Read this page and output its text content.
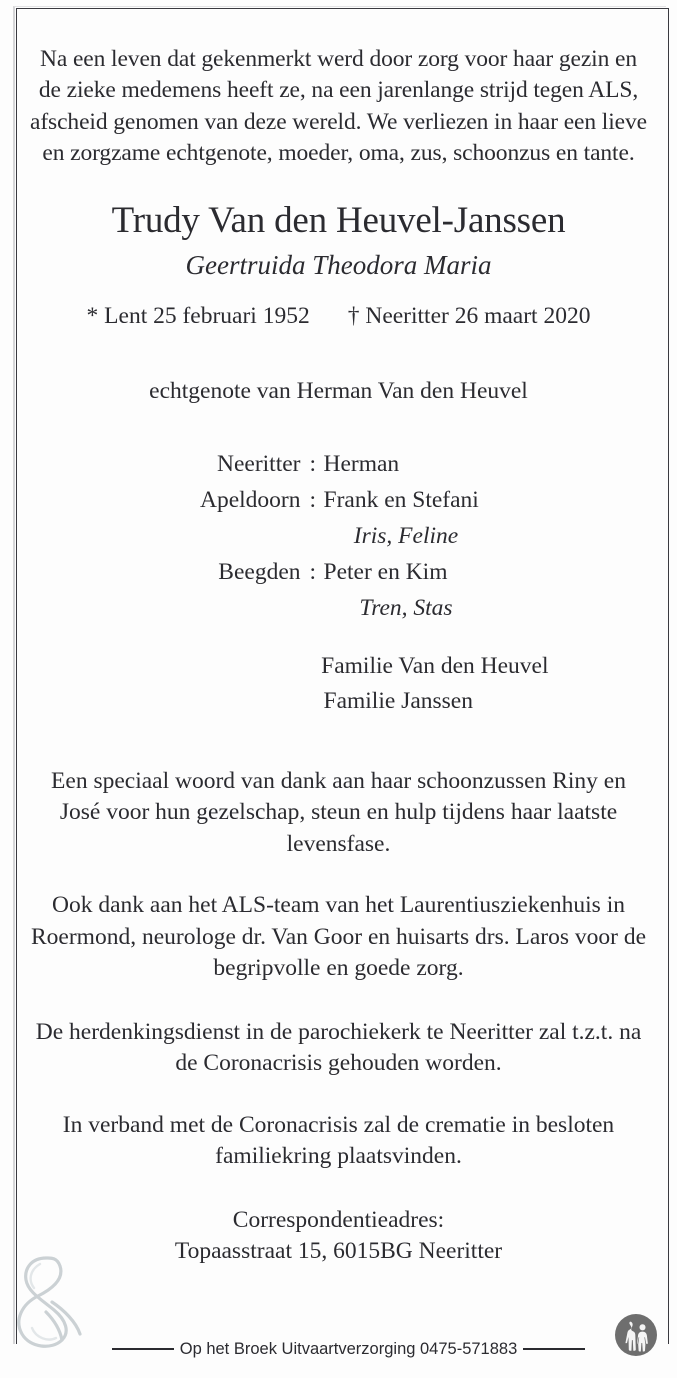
Na een leven dat gekenmerkt werd door zorg voor haar gezin en de zieke medemens heeft ze, na een jarenlange strijd tegen ALS, afscheid genomen van deze wereld. We verliezen in haar een lieve en zorgzame echtgenote, moeder, oma, zus, schoonzus en tante.

Trudy Van den Heuvel-Janssen
Geertruida Theodora Maria
* Lent 25 februari 1952 † Neeritter 26 maart 2020
echtgenote van Herman Van den Heuvel
Neeritter : Herman
Apeldoorn : Frank en Stefani
Iris, Feline
Beegden : Peter en Kim
Tren, Stas
Familie Van den Heuvel
Familie Janssen

Een speciaal woord van dank aan haar schoonzussen Riny en José voor hun gezelschap, steun en hulp tijdens haar laatste levensfase.

Ook dank aan het ALS-team van het Laurentiusziekenhuis in Roermond, neurologe dr. Van Goor en huisarts drs. Laros voor de begripvolle en goede zorg.

De herdenkingsdienst in de parochiekerk te Neeritter zal t.z.t. na de Coronacrisis gehouden worden.

In verband met de Coronacrisis zal de crematie in besloten familiekring plaatsvinden.

Correspondentieadres:
Topaasstraat 15, 6015BG Neeritter

Op het Broek Uitvaartverzorging 0475-571883
